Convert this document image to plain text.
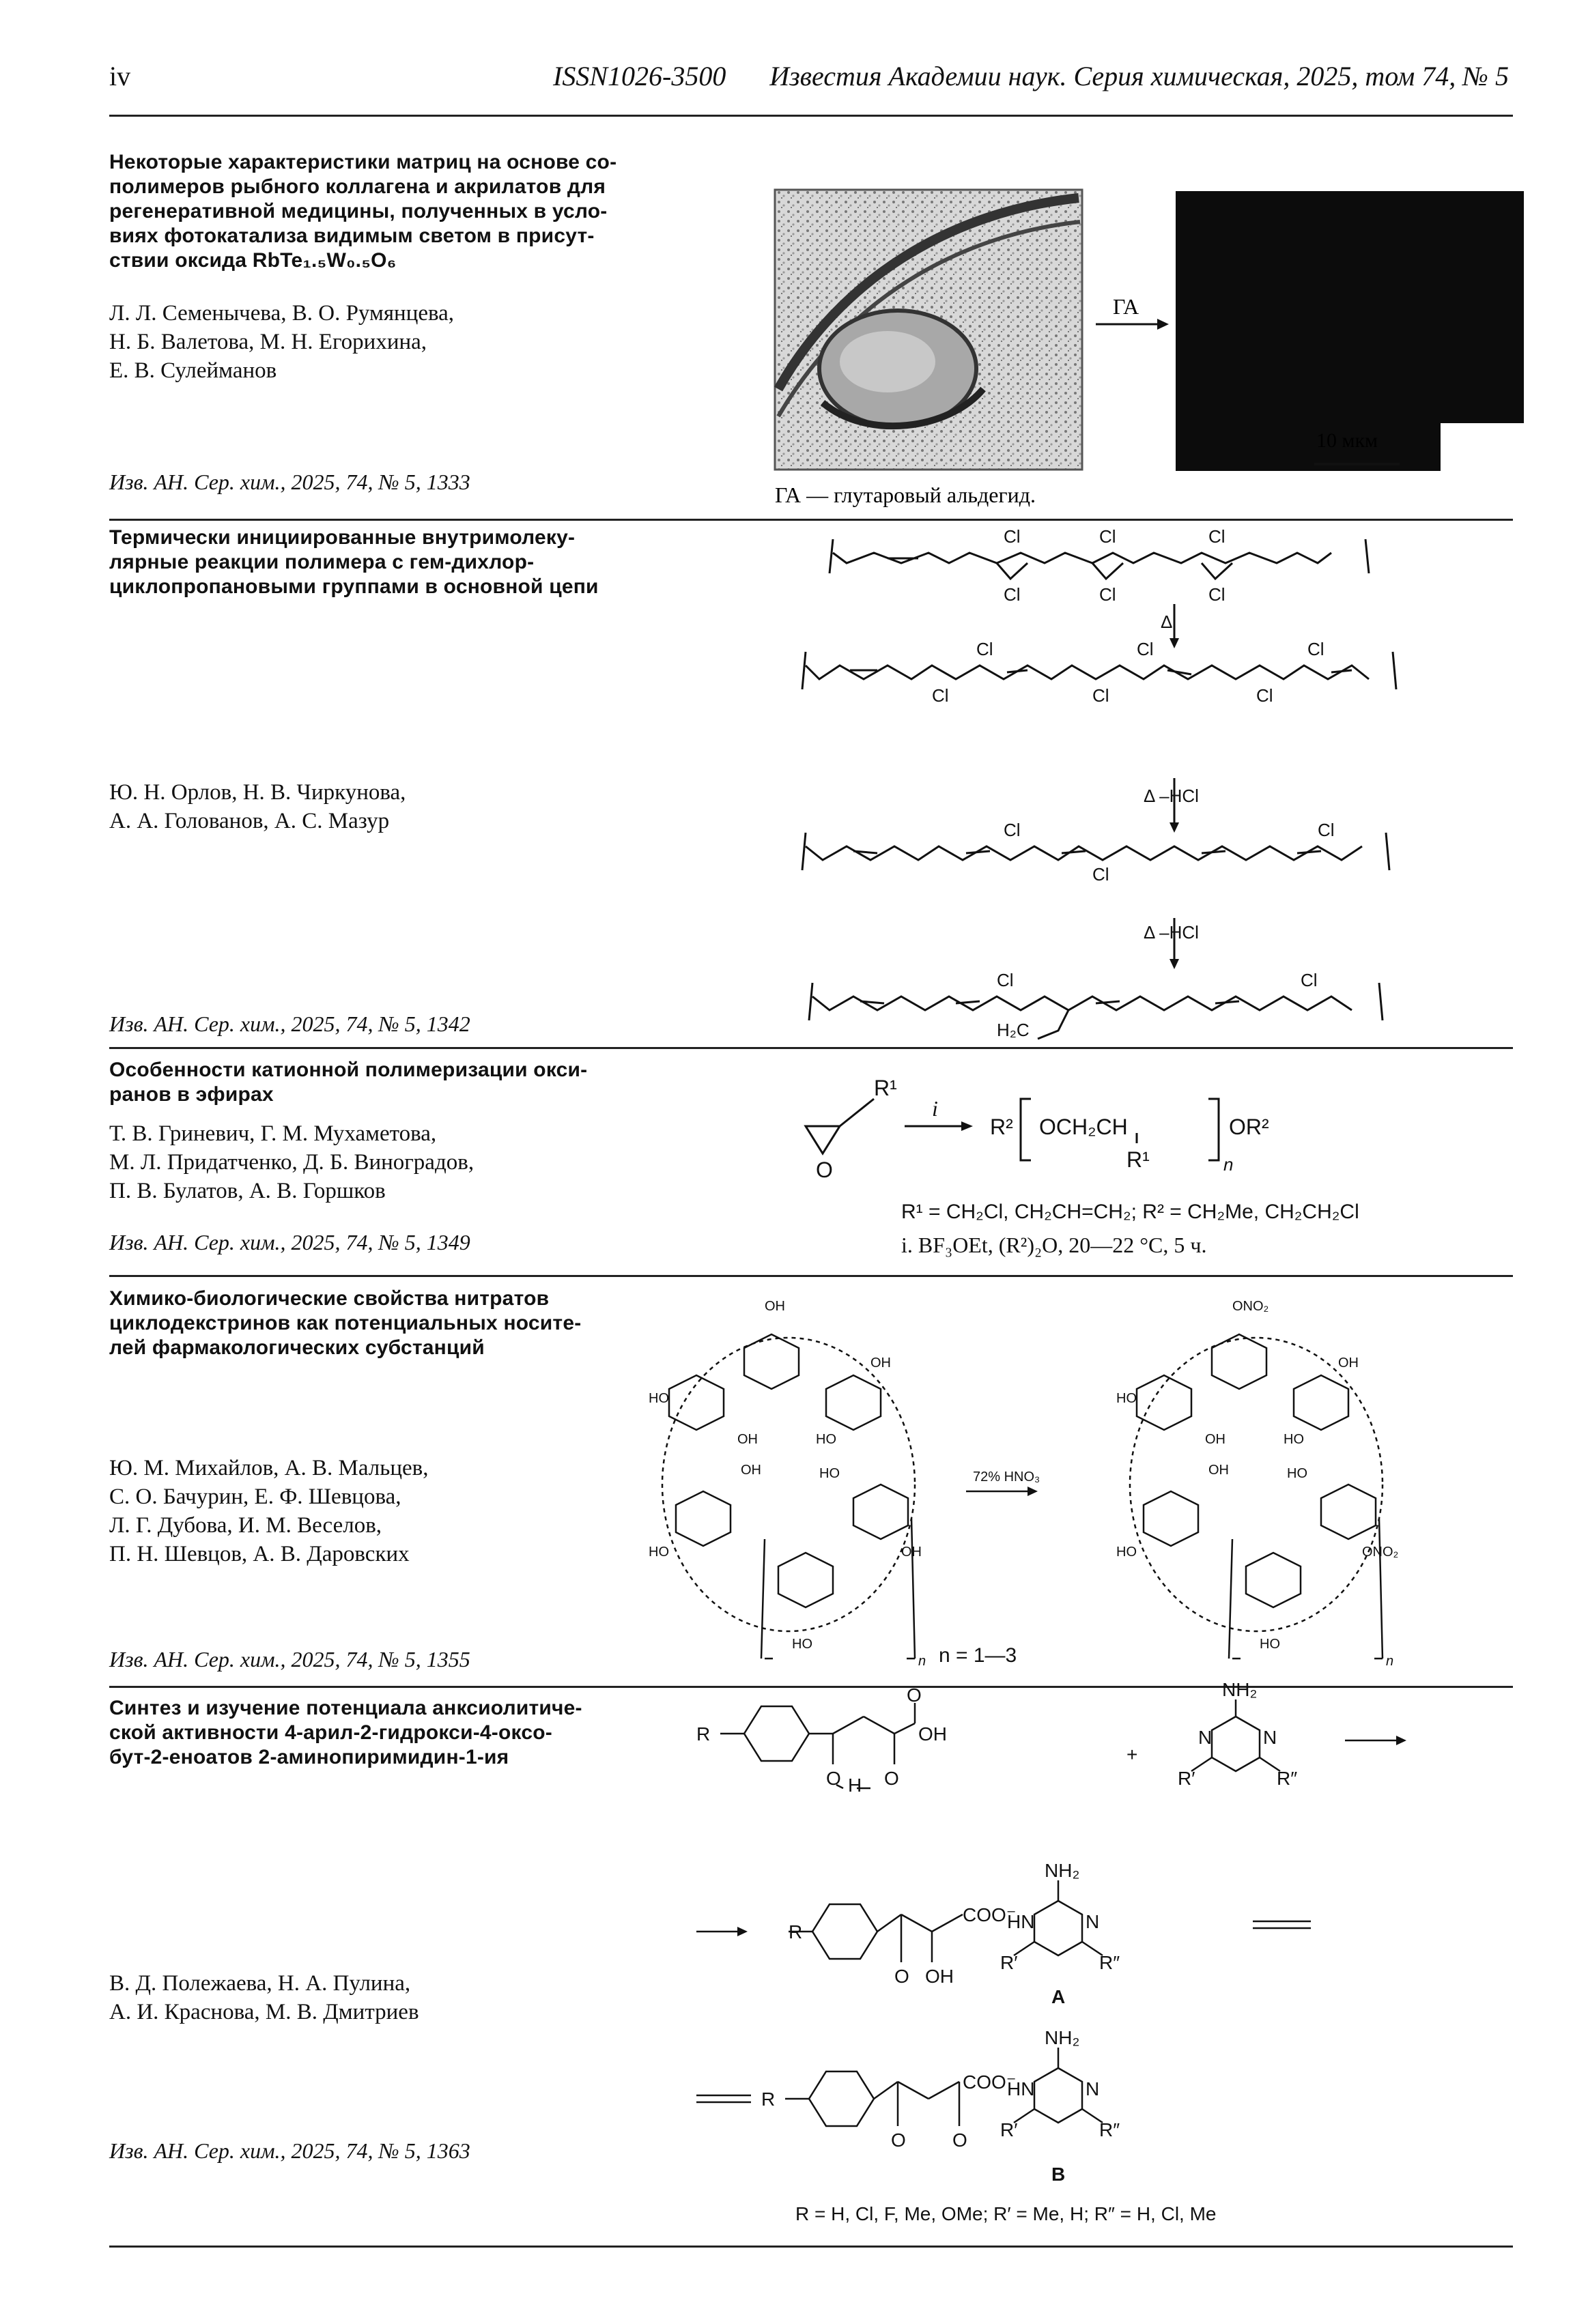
iv	ISSN1026-3500 Известия Академии наук. Серия химическая, 2025, том 74, № 5
Некоторые характеристики матриц на основе со-
полимеров рыбного коллагена и акрилатов для
регенеративной медицины, полученных в усло-
виях фотокатализа видимым светом в присут-
ствии оксида RbTe₁.₅W₀.₅O₆
Л. Л. Семенычева, В. О. Румянцева,
Н. Б. Валетова, М. Н. Егорихина,
Е. В. Сулейманов
Изв. АН. Сер. хим., 2025, 74, № 5, 1333
ГА
10 мкм
ГА — глутаровый альдегид.
Термически инициированные внутримолеку-
лярные реакции полимера с гем-дихлор-
циклопропановыми группами в основной цепи
Ю. Н. Орлов, Н. В. Чиркунова,
А. А. Голованов, А. С. Мазур
Изв. АН. Сер. хим., 2025, 74, № 5, 1342
Cl	Cl	Cl
Cl	Cl	Cl
Δ
Cl	Cl	Cl
Cl	Cl	Cl
Δ –HCl
Cl	Cl
Cl
Δ –HCl
Cl	Cl
H₂C
Особенности катионной полимеризации окси-
ранов в эфирах
Т. В. Гриневич, Г. М. Мухаметова,
М. Л. Придатченко, Д. Б. Виноградов,
П. В. Булатов, А. В. Горшков
Изв. АН. Сер. хим., 2025, 74, № 5, 1349
R¹
O
i
R² OCH₂CH	OR²
R¹	n
R¹ = CH₂Cl, CH₂CH=CH₂; R² = CH₂Me, CH₂CH₂Cl
i. BF₃OEt, (R²)₂O, 20—22 °C, 5 ч.
Химико-биологические свойства нитратов
циклодекстринов как потенциальных носите-
лей фармакологических субстанций
Ю. М. Михайлов, А. В. Мальцев,
С. О. Бачурин, Е. Ф. Шевцова,
Л. Г. Дубова, И. М. Веселов,
П. Н. Шевцов, А. В. Даровских
Изв. АН. Сер. хим., 2025, 74, № 5, 1355
OH
OH
HO
OH	HO
OH	HO
OH
HO
HO
n
72% HNO₃
n = 1—3
ONO₂
OH
HO
OH	HO
OH	HO
ONO₂
HO
HO
n
Синтез и изучение потенциала анксиолитиче-
ской активности 4-арил-2-гидрокси-4-оксо-
бут-2-еноатов 2-аминопиримидин-1-ия
В. Д. Полежаева, Н. А. Пулина,
А. И. Краснова, М. В. Дмитриев
Изв. АН. Сер. хим., 2025, 74, № 5, 1363
R
O
OH
O H O
+
NH₂
N	N
R′	R″
R
O OH
COO⁻
NH₂
HN	N
R′	R″
A
R
O O
COO⁻
NH₂
HN	N
R′	R″
B
R = H, Cl, F, Me, OMe; R′ = Me, H; R″ = H, Cl, Me
